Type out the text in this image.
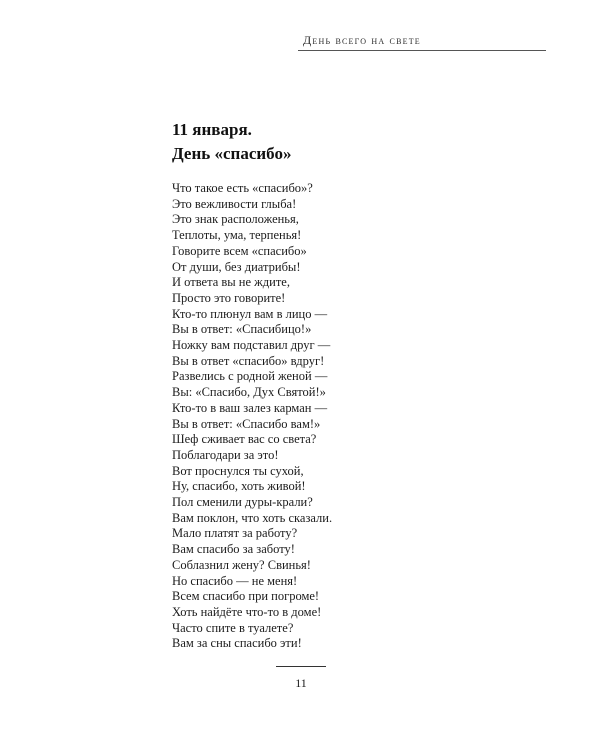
День всего на свете
11 января.
День «спасибо»
Что такое есть «спасибо»?
Это вежливости глыба!
Это знак расположенья,
Теплоты, ума, терпенья!
Говорите всем «спасибо»
От души, без диатрибы!
И ответа вы не ждите,
Просто это говорите!
Кто-то плюнул вам в лицо —
Вы в ответ: «Спасибицо!»
Ножку вам подставил друг —
Вы в ответ «спасибо» вдруг!
Развелись с родной женой —
Вы: «Спасибо, Дух Святой!»
Кто-то в ваш залез карман —
Вы в ответ: «Спасибо вам!»
Шеф сживает вас со света?
Поблагодари за это!
Вот проснулся ты сухой,
Ну, спасибо, хоть живой!
Пол сменили дуры-крали?
Вам поклон, что хоть сказали.
Мало платят за работу?
Вам спасибо за заботу!
Соблазнил жену? Свинья!
Но спасибо — не меня!
Всем спасибо при погроме!
Хоть найдёте что-то в доме!
Часто спите в туалете?
Вам за сны спасибо эти!
11
